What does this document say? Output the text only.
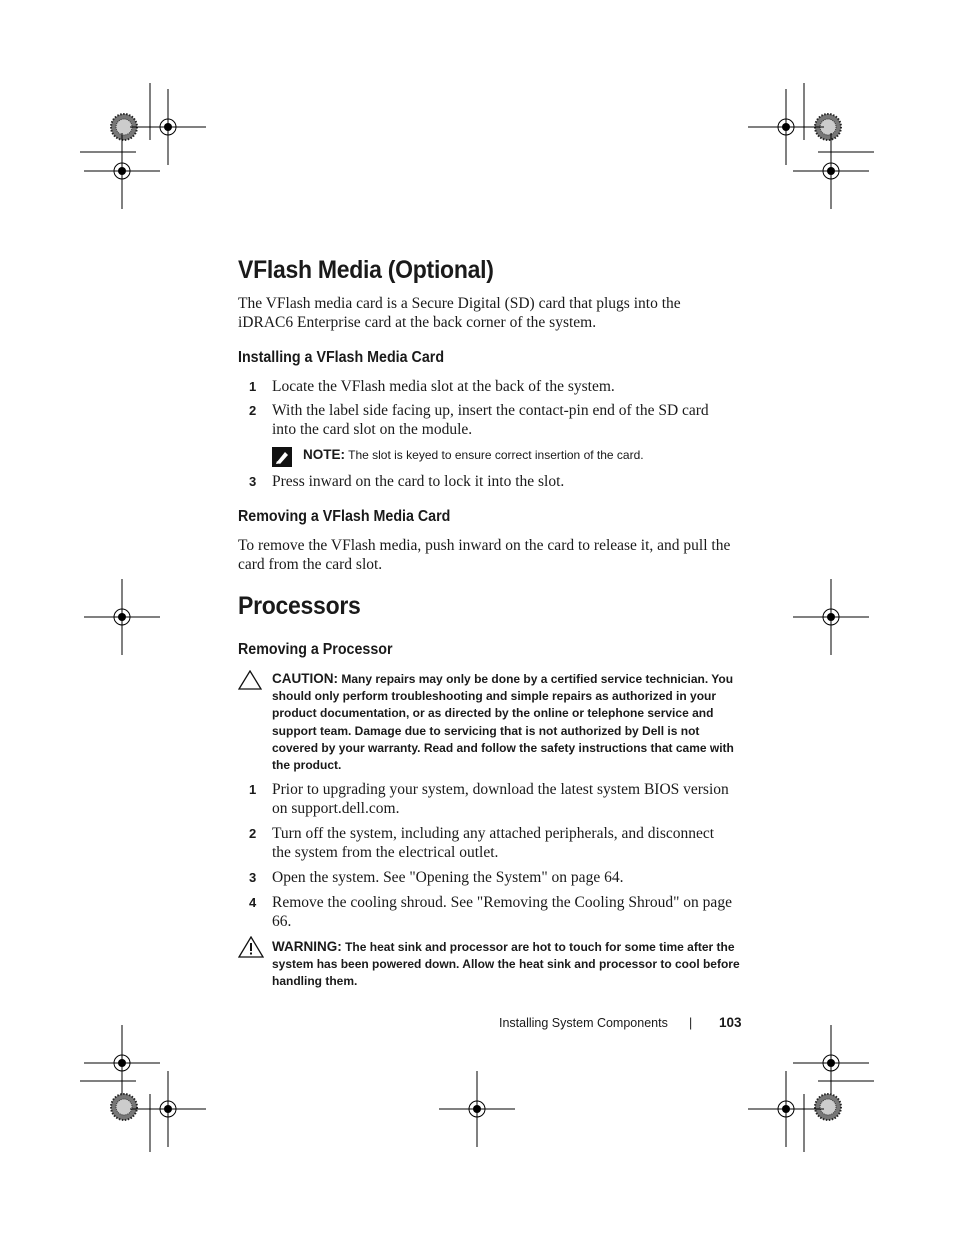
VFlash Media (Optional)
The VFlash media card is a Secure Digital (SD) card that plugs into the iDRAC6 Enterprise card at the back corner of the system.
Installing a VFlash Media Card
1 Locate the VFlash media slot at the back of the system.
2 With the label side facing up, insert the contact-pin end of the SD card into the card slot on the module.
NOTE: The slot is keyed to ensure correct insertion of the card.
3 Press inward on the card to lock it into the slot.
Removing a VFlash Media Card
To remove the VFlash media, push inward on the card to release it, and pull the card from the card slot.
Processors
Removing a Processor
CAUTION: Many repairs may only be done by a certified service technician. You should only perform troubleshooting and simple repairs as authorized in your product documentation, or as directed by the online or telephone service and support team. Damage due to servicing that is not authorized by Dell is not covered by your warranty. Read and follow the safety instructions that came with the product.
1 Prior to upgrading your system, download the latest system BIOS version on support.dell.com.
2 Turn off the system, including any attached peripherals, and disconnect the system from the electrical outlet.
3 Open the system. See "Opening the System" on page 64.
4 Remove the cooling shroud. See "Removing the Cooling Shroud" on page 66.
WARNING: The heat sink and processor are hot to touch for some time after the system has been powered down. Allow the heat sink and processor to cool before handling them.
Installing System Components | 103
